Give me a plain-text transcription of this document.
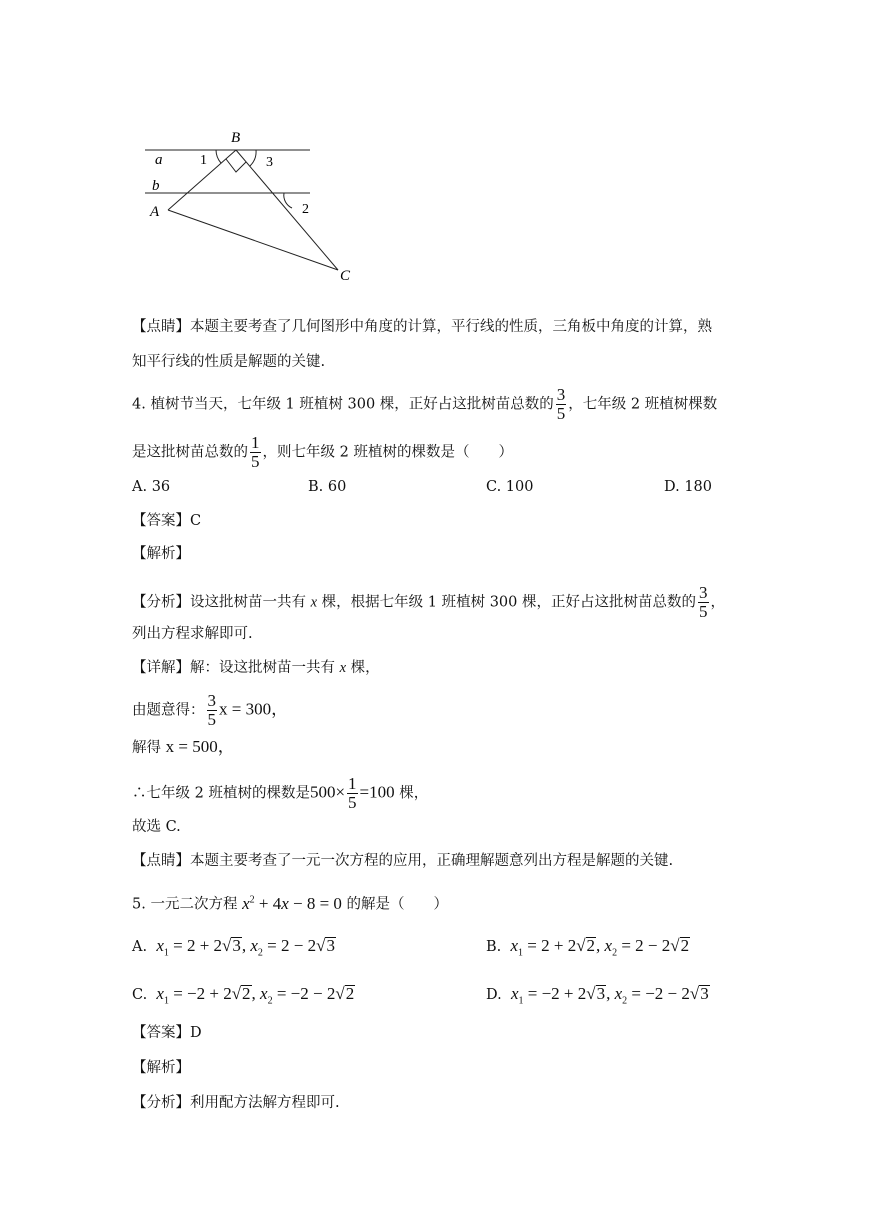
B
a
b
A
C
1	3
2
【点睛】本题主要考查了几何图形中角度的计算，平行线的性质，三角板中角度的计算，熟
知平行线的性质是解题的关键.
4. 植树节当天，七年级 1 班植树 300 棵，正好占这批树苗总数的 $\frac{3}{5}$ ，七年级 2 班植树棵数
是这批树苗总数的 $\frac{1}{5}$ ，则七年级 2 班植树的棵数是（　　）
A. 36	B. 60	C. 100	D. 180
【答案】C
【解析】
【分析】设这批树苗一共有 x 棵，根据七年级 1 班植树 300 棵，正好占这批树苗总数的 $\frac{3}{5}$ ，
列出方程求解即可.
【详解】解：设这批树苗一共有 x 棵，
由题意得： $\frac{3}{5}$ x = 300，
解得 x = 500，
∴七年级 2 班植树的棵数是$500\times \frac{1}{5} =100$ 棵，
故选 C.
【点睛】本题主要考查了一元一次方程的应用，正确理解题意列出方程是解题的关键.
5. 一元二次方程 $x^2 + 4x - 8 = 0$ 的解是（　　）
A. $x_1 = 2 + 2√3$, $x_2 = 2 - 2√3$	B. $x_1 = 2 + 2√2$, $x_2 = 2 - 2√2$
C. $x_1 = -2 + 2√2$, $x_2 = -2 - 2√2$	D. $x_1 = -2 + 2√3$, $x_2 = -2 - 2√3$
【答案】D
【解析】
【分析】利用配方法解方程即可.
